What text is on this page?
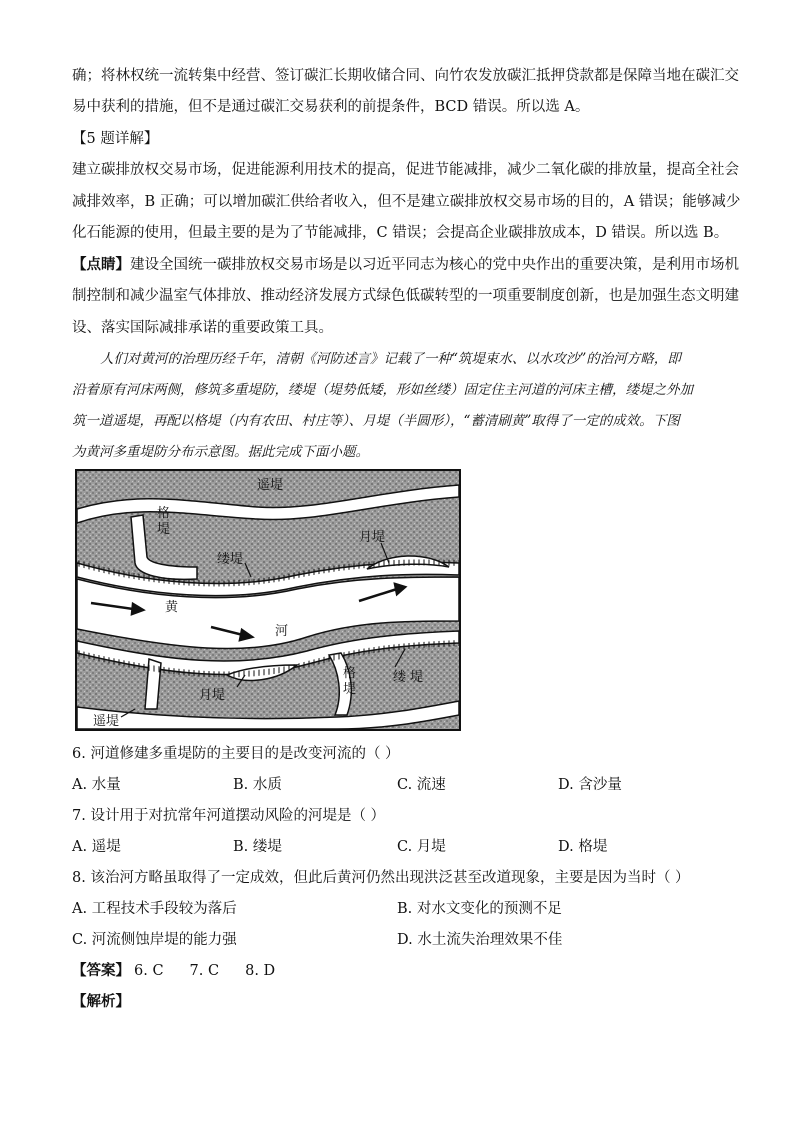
确；将林权统一流转集中经营、签订碳汇长期收储合同、向竹农发放碳汇抵押贷款都是保障当地在碳汇交
易中获利的措施，但不是通过碳汇交易获利的前提条件，BCD 错误。所以选 A。
【5 题详解】
建立碳排放权交易市场，促进能源利用技术的提高，促进节能减排，减少二氧化碳的排放量，提高全社会
减排效率，B 正确；可以增加碳汇供给者收入，但不是建立碳排放权交易市场的目的，A 错误；能够减少
化石能源的使用，但最主要的是为了节能减排，C 错误；会提高企业碳排放成本，D 错误。所以选 B。
【点睛】建设全国统一碳排放权交易市场是以习近平同志为核心的党中央作出的重要决策，是利用市场机
制控制和减少温室气体排放、推动经济发展方式绿色低碳转型的一项重要制度创新，也是加强生态文明建
设、落实国际减排承诺的重要政策工具。
人们对黄河的治理历经千年，清朝《河防述言》记载了一种“筑堤束水、以水攻沙”的治河方略，即
沿着原有河床两侧，修筑多重堤防，缕堤（堤势低矮，形如丝缕）固定住主河道的河床主槽，缕堤之外加
筑一道遥堤，再配以格堤（内有农田、村庄等）、月堤（半圆形），“蓄清刷黄”取得了一定的成效。下图
为黄河多重堤防分布示意图。据此完成下面小题。
遥堤
格
堤
缕堤
月堤
黄
河
缕 堤
格
堤
月堤
遥堤
6. 河道修建多重堤防的主要目的是改变河流的（ ）
A. 水量	B. 水质	C. 流速	D. 含沙量
7. 设计用于对抗常年河道摆动风险的河堤是（ ）
A. 遥堤	B. 缕堤	C. 月堤	D. 格堤
8. 该治河方略虽取得了一定成效，但此后黄河仍然出现洪泛甚至改道现象，主要是因为当时（ ）
A. 工程技术手段较为落后	B. 对水文变化的预测不足
C. 河流侧蚀岸堤的能力强	D. 水土流失治理效果不佳
【答案】 6. C 7. C 8. D
【解析】
